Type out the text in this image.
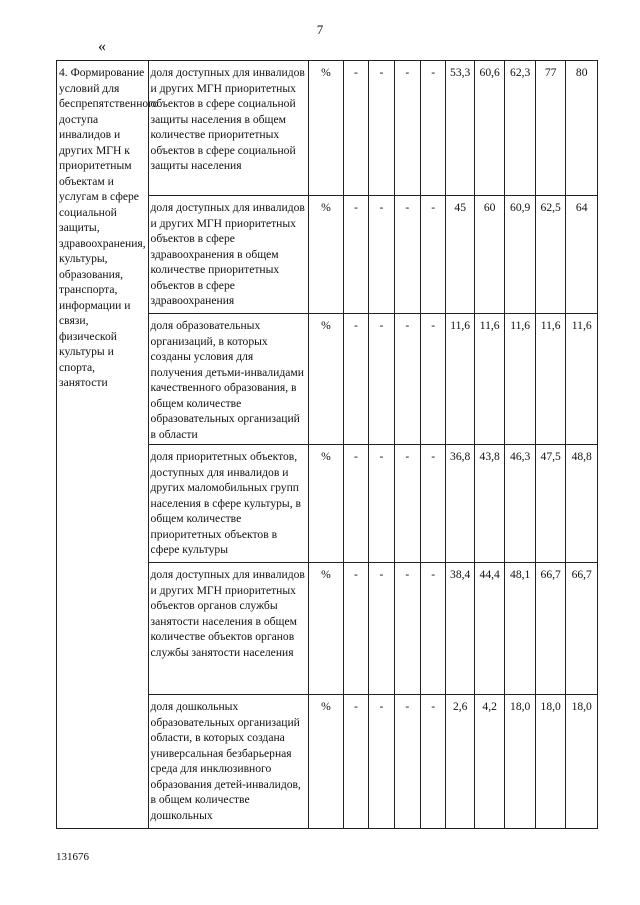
7
«
4. Формирование условий для беспрепятственного доступа инвалидов и других МГН к приоритетным объектам и услугам в сфере социальной защиты, здравоохранения, культуры, образования, транспорта, информации и связи, физической культуры и спорта, занятости	доля доступных для инвалидов и других МГН приоритетных объектов в сфере социальной защиты населения в общем количестве приоритетных объектов в сфере социальной защиты населения	%	-	-	-	-	53,3	60,6	62,3	77	80
	доля доступных для инвалидов и других МГН приоритетных объектов в сфере здравоохранения в общем количестве приоритетных объектов в сфере здравоохранения	%	-	-	-	-	45	60	60,9	62,5	64
	доля образовательных организаций, в которых созданы условия для получения детьми-инвалидами качественного образования, в общем количестве образовательных организаций в области	%	-	-	-	-	11,6	11,6	11,6	11,6	11,6
	доля приоритетных объектов, доступных для инвалидов и других маломобильных групп населения в сфере культуры, в общем количестве приоритетных объектов в сфере культуры	%	-	-	-	-	36,8	43,8	46,3	47,5	48,8
	доля доступных для инвалидов и других МГН приоритетных объектов органов службы занятости населения в общем количестве объектов органов службы занятости населения	%	-	-	-	-	38,4	44,4	48,1	66,7	66,7
	доля дошкольных образовательных организаций области, в которых создана универсальная безбарьерная среда для инклюзивного образования детей-инвалидов, в общем количестве дошкольных	%	-	-	-	-	2,6	4,2	18,0	18,0	18,0
131676
